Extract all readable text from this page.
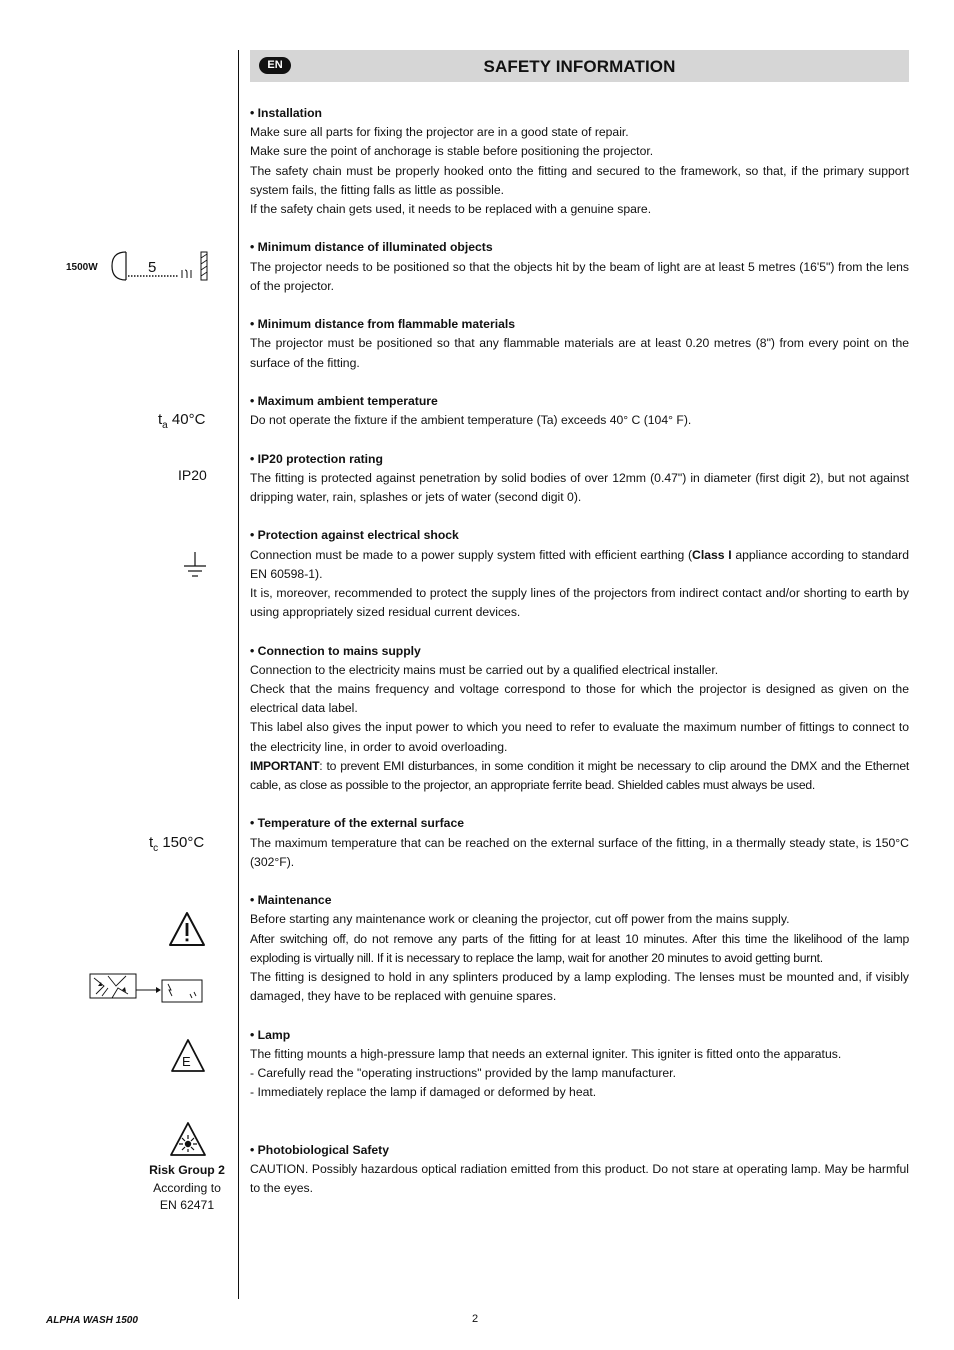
EN	SAFETY INFORMATION
1500W	5
$t_a$ 40°C
IP20
$t_c$ 150°C
E
Risk Group 2
According to
EN 62471
• Installation

Make sure all parts for fixing the projector are in a good state of repair.

Make sure the point of anchorage is stable before positioning the projector.

The safety chain must be properly hooked onto the fitting and secured to the framework, so that, if the primary support system fails, the fitting falls as little as possible.

If the safety chain gets used, it needs to be replaced with a genuine spare.

• Minimum distance of illuminated objects

The projector needs to be positioned so that the objects hit by the beam of light are at least 5 metres (16'5") from the lens of the projector.

• Minimum distance from flammable materials

The projector must be positioned so that any flammable materials are at least 0.20 metres (8") from every point on the surface of the fitting.

• Maximum ambient temperature

Do not operate the fixture if the ambient temperature (Ta) exceeds 40° C (104° F).

• IP20 protection rating

The fitting is protected against penetration by solid bodies of over 12mm (0.47") in diameter (first digit 2), but not against dripping water, rain, splashes or jets of water (second digit 0).

• Protection against electrical shock

Connection must be made to a power supply system fitted with efficient earthing (Class I appliance according to standard EN 60598-1).

It is, moreover, recommended to protect the supply lines of the projectors from indirect contact and/or shorting to earth by using appropriately sized residual current devices.

• Connection to mains supply

Connection to the electricity mains must be carried out by a qualified electrical installer.

Check that the mains frequency and voltage correspond to those for which the projector is designed as given on the electrical data label.

This label also gives the input power to which you need to refer to evaluate the maximum number of fittings to connect to the electricity line, in order to avoid overloading.

IMPORTANT: to prevent EMI disturbances, in some condition it might be necessary to clip around the DMX and the Ethernet cable, as close as possible to the projector, an appropriate ferrite bead. Shielded cables must always be used.

• Temperature of the external surface

The maximum temperature that can be reached on the external surface of the fitting, in a thermally steady state, is 150°C (302°F).

• Maintenance

Before starting any maintenance work or cleaning the projector, cut off power from the mains supply.

After switching off, do not remove any parts of the fitting for at least 10 minutes. After this time the likelihood of the lamp exploding is virtually nill. If it is necessary to replace the lamp, wait for another 20 minutes to avoid getting burnt.

The fitting is designed to hold in any splinters produced by a lamp exploding. The lenses must be mounted and, if visibly damaged, they have to be replaced with genuine spares.

• Lamp

The fitting mounts a high-pressure lamp that needs an external igniter. This igniter is fitted onto the apparatus.

- Carefully read the "operating instructions" provided by the lamp manufacturer.

- Immediately replace the lamp if damaged or deformed by heat.

• Photobiological Safety

CAUTION. Possibly hazardous optical radiation emitted from this product. Do not stare at operating lamp. May be harmful to the eyes.

ALPHA WASH 1500	2
